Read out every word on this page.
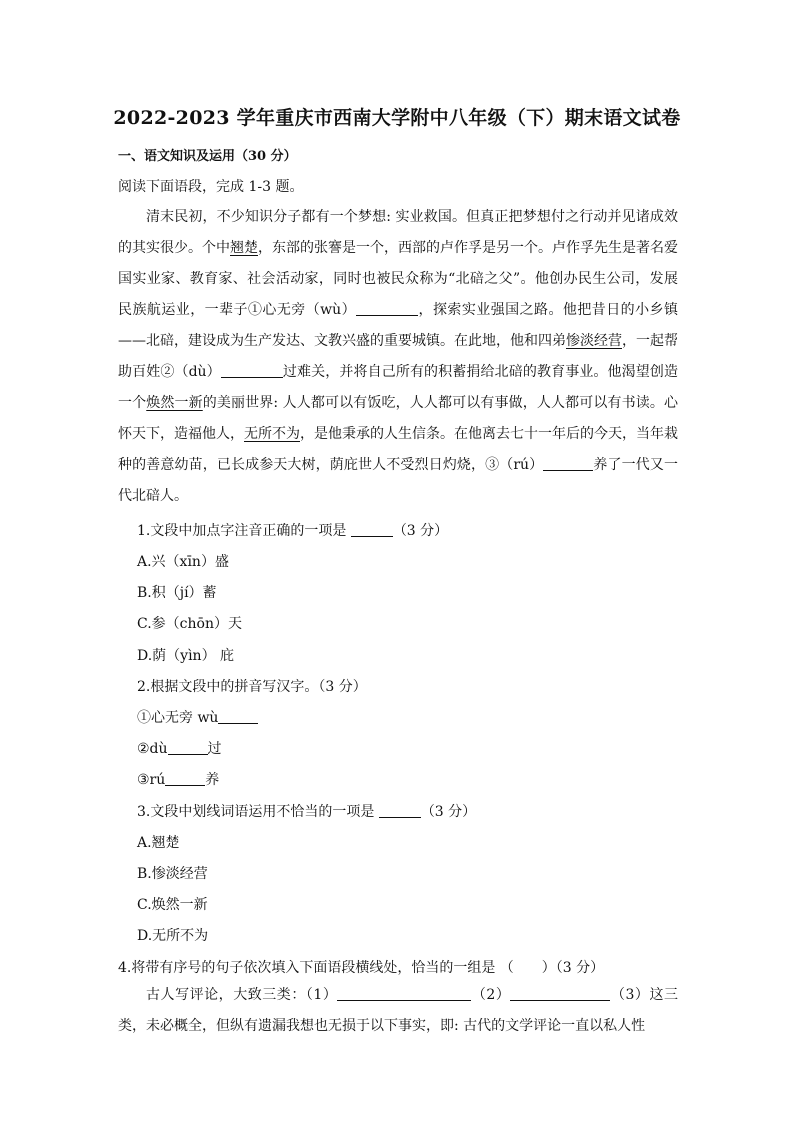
2022-2023 学年重庆市西南大学附中八年级（下）期末语文试卷
一、语文知识及运用（30 分）
阅读下面语段，完成 1-3 题。
清末民初，不少知识分子都有一个梦想: 实业救国。但真正把梦想付之行动并见诸成效的其实很少。个中翘楚，东部的张謇是一个，西部的卢作孚是另一个。卢作孚先生是著名爱国实业家、教育家、社会活动家，同时也被民众称为“北碚之父”。他创办民生公司，发展民族航运业，一辈子①心无旁（wù）	，探索实业强国之路。他把昔日的小乡镇——北碚，建设成为生产发达、文教兴盛的重要城镇。在此地，他和四弟惨淡经营，一起帮助百姓②（dù）	过难关，并将自己所有的积蓄捐给北碚的教育事业。他渴望创造一个焕然一新的美丽世界: 人人都可以有饭吃，人人都可以有事做，人人都可以有书读。心怀天下，造福他人，无所不为，是他秉承的人生信条。在他离去七十一年后的今天，当年栽种的善意幼苗，已长成参天大树，荫庇世人不受烈日灼烧，③（rú）	养了一代又一代北碚人。
1.文段中加点字注音正确的一项是	（3 分）
A.兴（xīn）盛
B.积（jí）蓄
C.参（chōn）天
D.荫（yìn） 庇
2.根据文段中的拼音写汉字。（3 分）
①心无旁 wù
②dù	过
③rú	养
3.文段中划线词语运用不恰当的一项是	（3 分）
A.翘楚
B.惨淡经营
C.焕然一新
D.无所不为
4.将带有序号的句子依次填入下面语段横线处，恰当的一组是 （　　）（3 分）
古人写评论，大致三类：（1）	（2）	（3）这三类，未必概全，但纵有遗漏我想也无损于以下事实，即: 古代的文学评论一直以私人性
